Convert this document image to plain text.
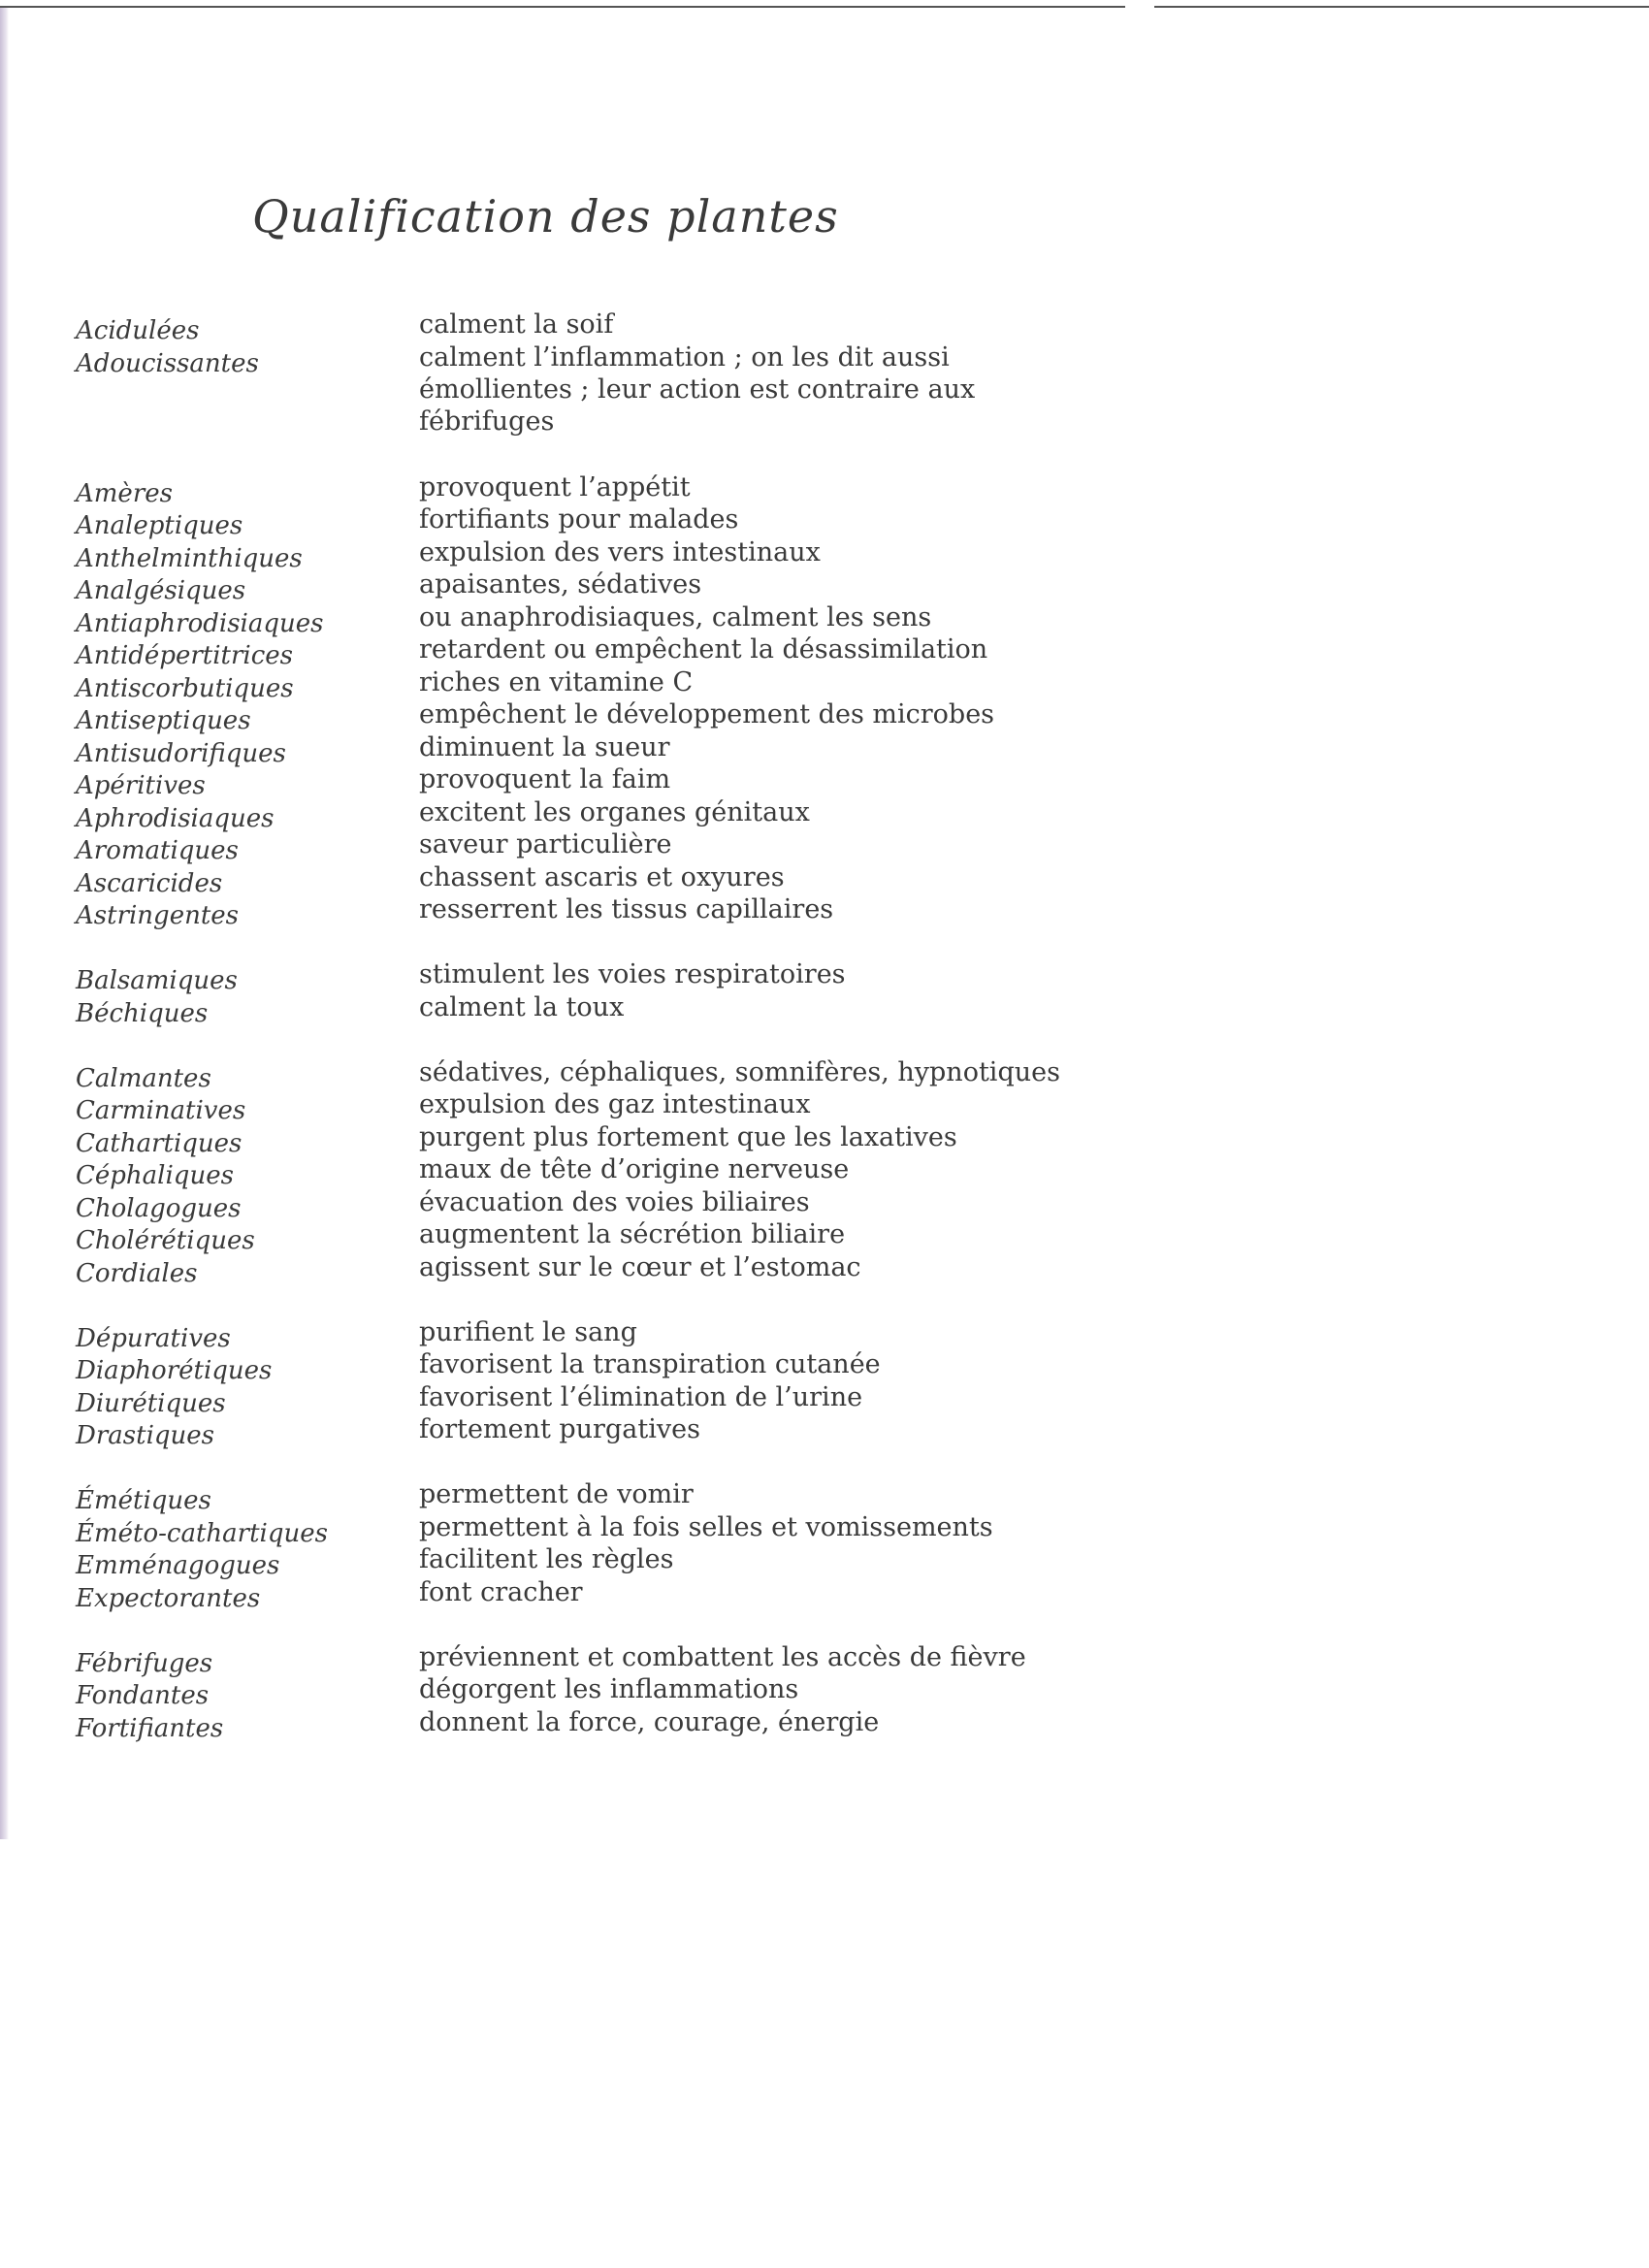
Qualification des plantes
Acidulées	calment la soif
Adoucissantes	calment l’inflammation ; on les dit aussi
émollientes ; leur action est contraire aux
fébrifuges
Amères	provoquent l’appétit
Analeptiques	fortifiants pour malades
Anthelminthiques	expulsion des vers intestinaux
Analgésiques	apaisantes, sédatives
Antiaphrodisiaques	ou anaphrodisiaques, calment les sens
Antidépertitrices	retardent ou empêchent la désassimilation
Antiscorbutiques	riches en vitamine C
Antiseptiques	empêchent le développement des microbes
Antisudorifiques	diminuent la sueur
Apéritives	provoquent la faim
Aphrodisiaques	excitent les organes génitaux
Aromatiques	saveur particulière
Ascaricides	chassent ascaris et oxyures
Astringentes	resserrent les tissus capillaires
Balsamiques	stimulent les voies respiratoires
Béchiques	calment la toux
Calmantes	sédatives, céphaliques, somnifères, hypnotiques
Carminatives	expulsion des gaz intestinaux
Cathartiques	purgent plus fortement que les laxatives
Céphaliques	maux de tête d’origine nerveuse
Cholagogues	évacuation des voies biliaires
Cholérétiques	augmentent la sécrétion biliaire
Cordiales	agissent sur le cœur et l’estomac
Dépuratives	purifient le sang
Diaphorétiques	favorisent la transpiration cutanée
Diurétiques	favorisent l’élimination de l’urine
Drastiques	fortement purgatives
Émétiques	permettent de vomir
Éméto-cathartiques	permettent à la fois selles et vomissements
Emménagogues	facilitent les règles
Expectorantes	font cracher
Fébrifuges	préviennent et combattent les accès de fièvre
Fondantes	dégorgent les inflammations
Fortifiantes	donnent la force, courage, énergie
